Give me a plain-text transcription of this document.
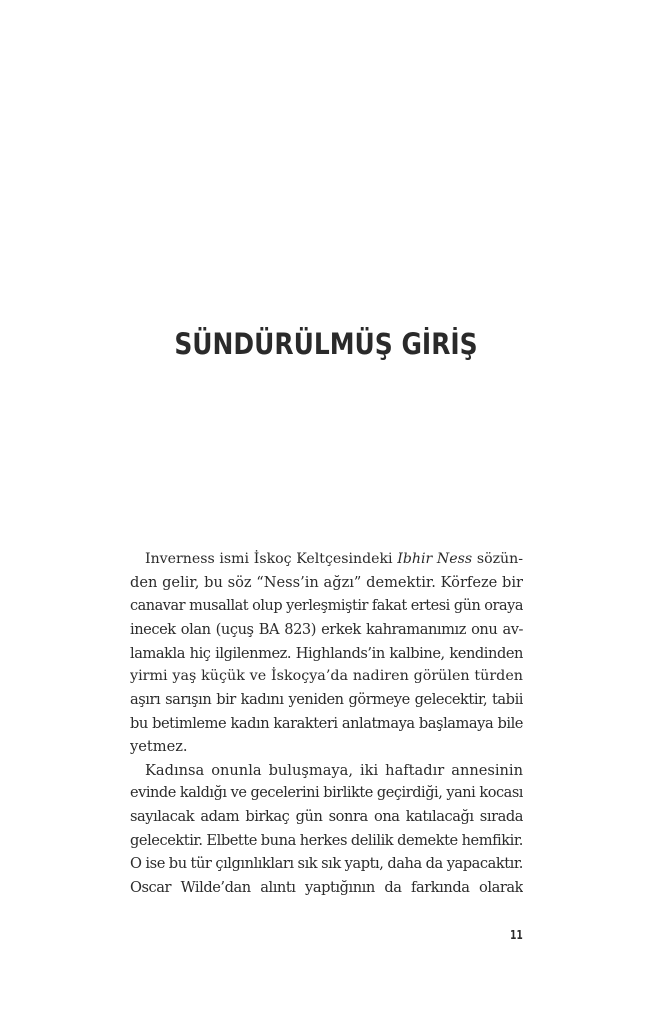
SÜNDÜRÜLMÜŞ GİRİŞ
Inverness ismi İskoç Keltçesindeki Ibhir Ness sözün-
den gelir, bu söz “Ness’in ağzı” demektir. Körfeze bir
canavar musallat olup yerleşmiştir fakat ertesi gün oraya
inecek olan (uçuş BA 823) erkek kahramanımız onu av-
lamakla hiç ilgilenmez. Highlands’in kalbine, kendinden
yirmi yaş küçük ve İskoçya’da nadiren görülen türden
aşırı sarışın bir kadını yeniden görmeye gelecektir, tabii
bu betimleme kadın karakteri anlatmaya başlamaya bile
yetmez.
Kadınsa onunla buluşmaya, iki haftadır annesinin
evinde kaldığı ve gecelerini birlikte geçirdiği, yani kocası
sayılacak adam birkaç gün sonra ona katılacağı sırada
gelecektir. Elbette buna herkes delilik demekte hemfikir.
O ise bu tür çılgınlıkları sık sık yaptı, daha da yapacaktır.
Oscar Wilde’dan alıntı yaptığının da farkında olarak
11
